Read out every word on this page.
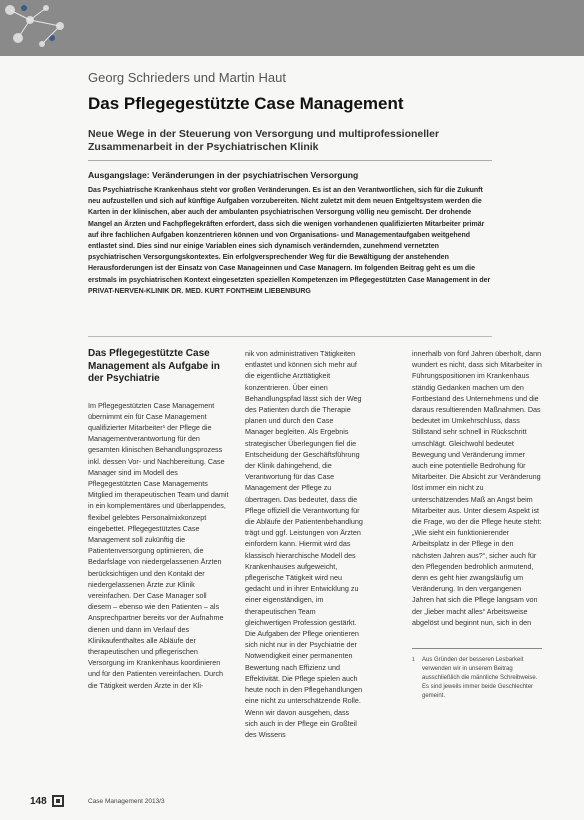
Georg Schrieders und Martin Haut
Das Pflegegestützte Case Management
Neue Wege in der Steuerung von Versorgung und multiprofessioneller Zusammenarbeit in der Psychiatrischen Klinik
Ausgangslage: Veränderungen in der psychiatrischen Versorgung
Das Psychiatrische Krankenhaus steht vor großen Veränderungen. Es ist an den Verantwortlichen, sich für die Zukunft neu aufzustellen und sich auf künftige Aufgaben vorzubereiten. Nicht zuletzt mit dem neuen Entgeltsystem werden die Karten in der klinischen, aber auch der ambulanten psychiatrischen Versorgung völlig neu gemischt. Der drohende Mangel an Ärzten und Fachpflegekräften erfordert, dass sich die wenigen vorhandenen qualifizierten Mitarbeiter primär auf ihre fachlichen Aufgaben konzentrieren können und von Organisations- und Managementaufgaben weitgehend entlastet sind. Dies sind nur einige Variablen eines sich dynamisch verändernden, zunehmend vernetzten psychiatrischen Versorgungskontextes. Ein erfolgversprechender Weg für die Bewältigung der anstehenden Herausforderungen ist der Einsatz von Case Manageinnen und Case Managern. Im folgenden Beitrag geht es um die erstmals im psychiatrischen Kontext eingesetzten speziellen Kompetenzen im Pflegegestützten Case Management in der PRIVAT-NERVEN-KLINIK DR. MED. KURT FONTHEIM LIEBENBURG
Das Pflegegestützte Case Management als Aufgabe in der Psychiatrie

Im Pflegegestützten Case Management übernimmt ein für Case Management qualifizierter Mitarbeiter¹ der Pflege die Managementverantwortung für den gesamten klinischen Behandlungsprozess inkl. dessen Vor- und Nachbereitung. Case Manager sind im Modell des Pflegegestützten Case Managements Mitglied im therapeutischen Team und damit in ein komplementäres und überlappendes, flexibel gelebtes Personalmixkonzept eingebettet. Pflegegestütztes Case Management soll zukünftig die Patientenversorgung optimieren, die Bedarfslage von niedergelassenen Ärzten berücksichtigen und den Kontakt der niedergelassenen Ärzte zur Klinik vereinfachen. Der Case Manager soll diesem – ebenso wie den Patienten – als Ansprechpartner bereits vor der Aufnahme dienen und dann im Verlauf des Klinikaufenthaltes alle Abläufe der therapeutischen und pflegerischen Versorgung im Krankenhaus koordinieren und für den Patienten vereinfachen. Durch die Tätigkeit werden Ärzte in der Kli-

nik von administrativen Tätigkeiten entlastet und können sich mehr auf die eigentliche Arzttätigkeit konzentrieren. Über einen Behandlungspfad lässt sich der Weg des Patienten durch die Therapie planen und durch den Case Manager begleiten. Als Ergebnis strategischer Überlegungen fiel die Entscheidung der Geschäftsführung der Klinik dahingehend, die Verantwortung für das Case Management der Pflege zu übertragen. Das bedeutet, dass die Pflege offiziell die Verantwortung für die Abläufe der Patientenbehandlung trägt und ggf. Leistungen von Ärzten einfordern kann. Hiermit wird das klassisch hierarchische Modell des Krankenhauses aufgeweicht, pflegerische Tätigkeit wird neu gedacht und in ihrer Entwicklung zu einer eigenständigen, im therapeutischen Team gleichwertigen Profession gestärkt. Die Aufgaben der Pflege orientieren sich nicht nur in der Psychiatrie der Notwendigkeit einer permanenten Bewertung nach Effizienz und Effektivität. Die Pflege spielen auch heute noch in den Pflegehandlungen eine nicht zu unterschätzende Rolle. Wenn wir davon ausgehen, dass sich auch in der Pflege ein Großteil des Wissens

innerhalb von fünf Jahren überholt, dann wundert es nicht, dass sich Mitarbeiter in Führungspositionen im Krankenhaus ständig Gedanken machen um den Fortbestand des Unternehmens und die daraus resultierenden Maßnahmen. Das bedeutet im Umkehrschluss, dass Stillstand sehr schnell in Rückschritt umschlägt. Gleichwohl bedeutet Bewegung und Veränderung immer auch eine potentielle Bedrohung für Mitarbeiter. Die Absicht zur Veränderung löst immer ein nicht zu unterschätzendes Maß an Angst beim Mitarbeiter aus. Unter diesem Aspekt ist die Frage, wo der die Pflege heute steht: „Wie sieht ein funktionierender Arbeitsplatz in der Pflege in den nächsten Jahren aus?“, sicher auch für den Pflegenden bedrohlich anmutend, denn es geht hier zwangsläufig um Veränderung. In den vergangenen Jahren hat sich die Pflege langsam von der „lieber macht alles“ Arbeitsweise abgelöst und beginnt nun, sich in den

1	Aus Gründen der besseren Lesbarkeit verwenden wir in unserem Beitrag ausschließlich die männliche Schreibweise. Es sind jeweils immer beide Geschlechter gemeint.
148	Case Management 2013/3
